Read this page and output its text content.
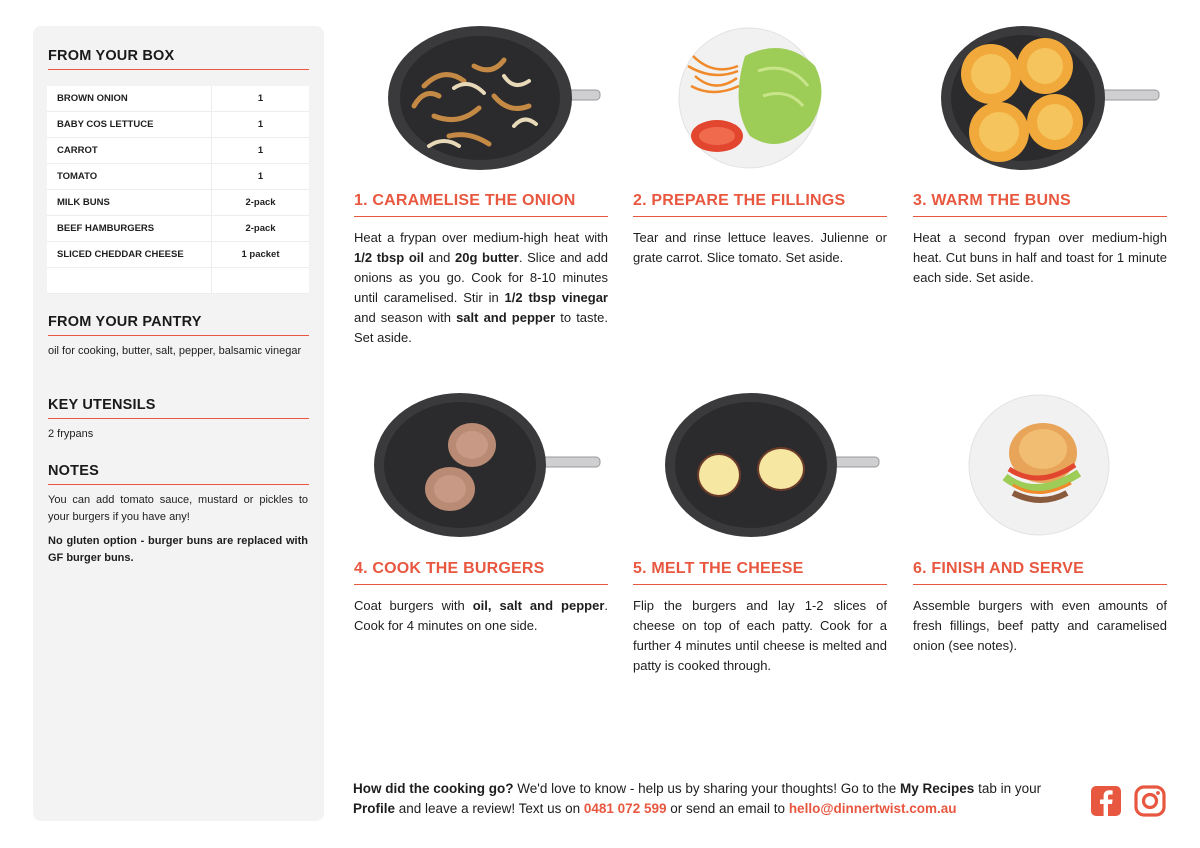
FROM YOUR BOX
BROWN ONION	1
BABY COS LETTUCE	1
CARROT	1
TOMATO	1
MILK BUNS	2-pack
BEEF HAMBURGERS	2-pack
SLICED CHEDDAR CHEESE	1 packet
FROM YOUR PANTRY
oil for cooking, butter, salt, pepper, balsamic vinegar
KEY UTENSILS
2 frypans
NOTES
You can add tomato sauce, mustard or pickles to your burgers if you have any!
No gluten option - burger buns are replaced with GF burger buns.
1. CARAMELISE THE ONION	2. PREPARE THE FILLINGS	3. WARM THE BUNS
4. COOK THE BURGERS	5. MELT THE CHEESE	6. FINISH AND SERVE
Heat a frypan over medium-high heat with 1/2 tbsp oil and 20g butter. Slice and add onions as you go. Cook for 8-10 minutes until caramelised. Stir in 1/2 tbsp vinegar and season with salt and pepper to taste. Set aside.
Tear and rinse lettuce leaves. Julienne or grate carrot. Slice tomato. Set aside.
Heat a second frypan over medium-high heat. Cut buns in half and toast for 1 minute each side. Set aside.
Coat burgers with oil, salt and pepper. Cook for 4 minutes on one side.
Flip the burgers and lay 1-2 slices of cheese on top of each patty. Cook for a further 4 minutes until cheese is melted and patty is cooked through.
Assemble burgers with even amounts of fresh fillings, beef patty and caramelised onion (see notes).
How did the cooking go? We'd love to know - help us by sharing your thoughts! Go to the My Recipes tab in your Profile and leave a review! Text us on 0481 072 599 or send an email to hello@dinnertwist.com.au
